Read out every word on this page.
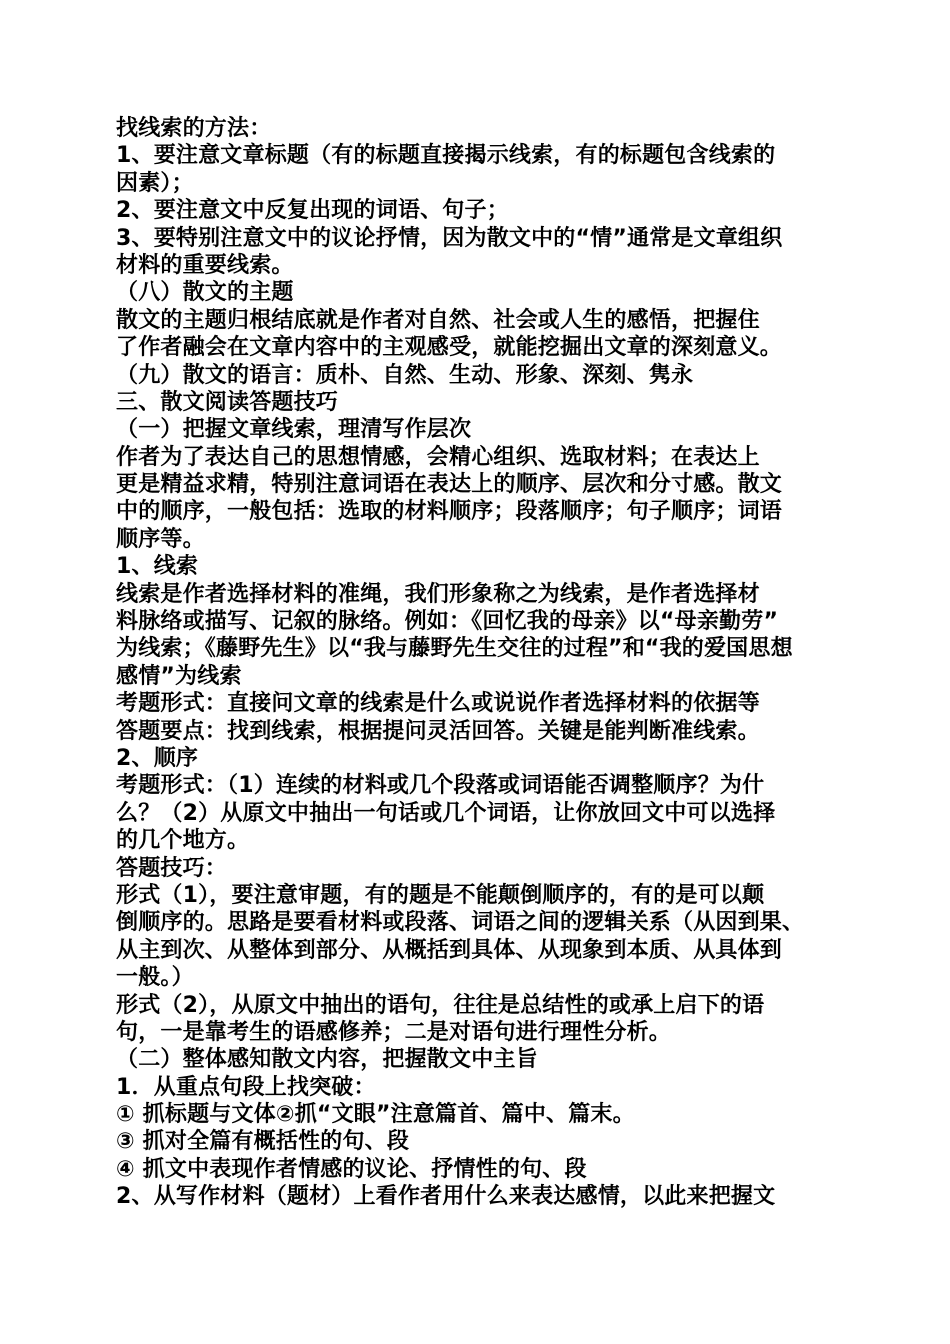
找线索的方法：
1、要注意文章标题（有的标题直接揭示线索，有的标题包含线索的
因素）；
2、要注意文中反复出现的词语、句子；
3、要特别注意文中的议论抒情，因为散文中的“情”通常是文章组织
材料的重要线索。
（八）散文的主题
散文的主题归根结底就是作者对自然、社会或人生的感悟，把握住
了作者融会在文章内容中的主观感受，就能挖掘出文章的深刻意义。
（九）散文的语言：质朴、自然、生动、形象、深刻、隽永
三、散文阅读答题技巧
（一）把握文章线索，理清写作层次
作者为了表达自己的思想情感，会精心组织、选取材料；在表达上
更是精益求精，特别注意词语在表达上的顺序、层次和分寸感。散文
中的顺序，一般包括：选取的材料顺序；段落顺序；句子顺序；词语
顺序等。
1、线索
线索是作者选择材料的准绳，我们形象称之为线索，是作者选择材
料脉络或描写、记叙的脉络。例如：《回忆我的母亲》以“母亲勤劳”
为线索；《藤野先生》以“我与藤野先生交往的过程”和“我的爱国思想
感情”为线索
考题形式：直接问文章的线索是什么或说说作者选择材料的依据等
答题要点：找到线索，根据提问灵活回答。关键是能判断准线索。
2、顺序
考题形式：（1）连续的材料或几个段落或词语能否调整顺序？为什
么？（2）从原文中抽出一句话或几个词语，让你放回文中可以选择
的几个地方。
答题技巧：
形式（1），要注意审题，有的题是不能颠倒顺序的，有的是可以颠
倒顺序的。思路是要看材料或段落、词语之间的逻辑关系（从因到果、
从主到次、从整体到部分、从概括到具体、从现象到本质、从具体到
一般。）
形式（2），从原文中抽出的语句，往往是总结性的或承上启下的语
句，一是靠考生的语感修养；二是对语句进行理性分析。
（二）整体感知散文内容，把握散文中主旨
1．从重点句段上找突破：
① 抓标题与文体②抓“文眼”注意篇首、篇中、篇末。
③ 抓对全篇有概括性的句、段
④ 抓文中表现作者情感的议论、抒情性的句、段
2、从写作材料（题材）上看作者用什么来表达感情，以此来把握文
